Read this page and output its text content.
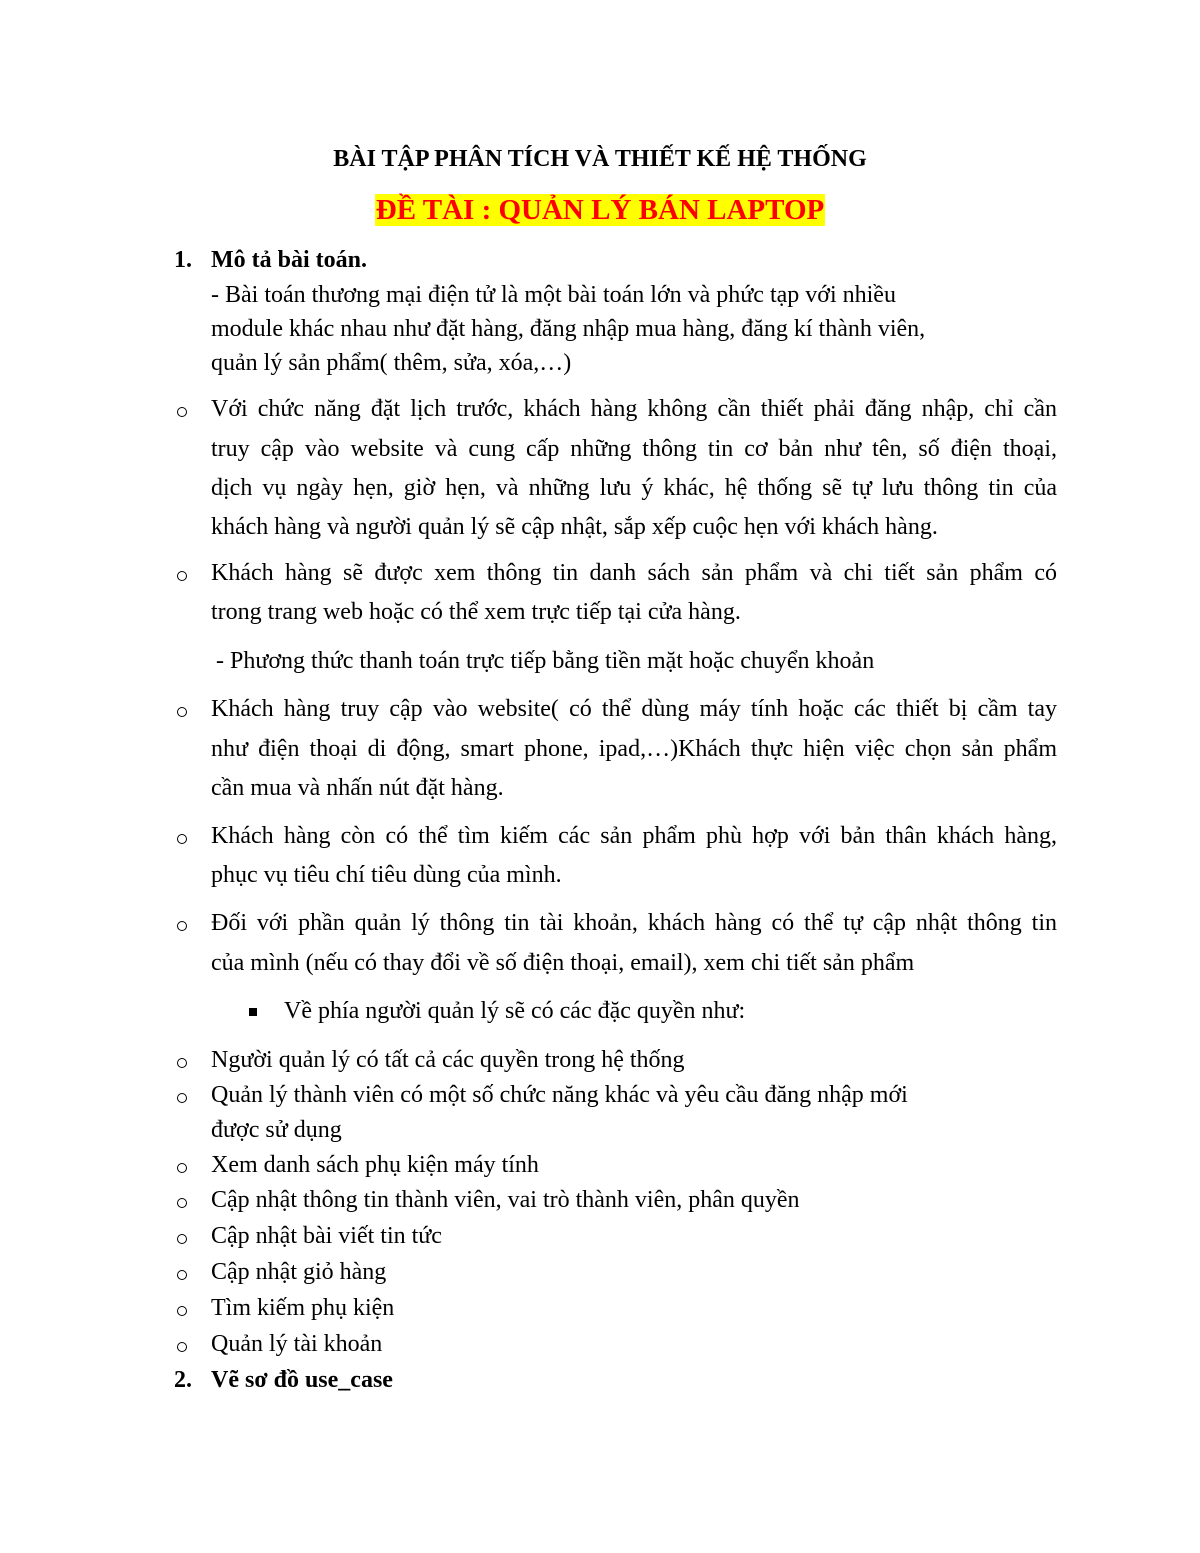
BÀI TẬP PHÂN TÍCH VÀ THIẾT KẾ HỆ THỐNG
ĐỀ TÀI : QUẢN LÝ BÁN LAPTOP
1. Mô tả bài toán.
- Bài toán thương mại điện tử là một bài toán lớn và phức tạp với nhiều
module khác nhau như đặt hàng, đăng nhập mua hàng, đăng kí thành viên,
quản lý sản phẩm( thêm, sửa, xóa,…)
Với chức năng đặt lịch trước, khách hàng không cần thiết phải đăng nhập, chỉ cần
truy cập vào website và cung cấp những thông tin cơ bản như tên, số điện thoại,
dịch vụ ngày hẹn, giờ hẹn, và những lưu ý khác, hệ thống sẽ tự lưu thông tin của
khách hàng và người quản lý sẽ cập nhật, sắp xếp cuộc hẹn với khách hàng.
Khách hàng sẽ được xem thông tin danh sách sản phẩm và chi tiết sản phẩm có
trong trang web hoặc có thể xem trực tiếp tại cửa hàng.
- Phương thức thanh toán trực tiếp bằng tiền mặt hoặc chuyển khoản
Khách hàng truy cập vào website( có thể dùng máy tính hoặc các thiết bị cầm tay
như điện thoại di động, smart phone, ipad,…)Khách thực hiện việc chọn sản phẩm
cần mua và nhấn nút đặt hàng.
Khách hàng còn có thể tìm kiếm các sản phẩm phù hợp với bản thân khách hàng,
phục vụ tiêu chí tiêu dùng của mình.
Đối với phần quản lý thông tin tài khoản, khách hàng có thể tự cập nhật thông tin
của mình (nếu có thay đổi về số điện thoại, email), xem chi tiết sản phẩm
Về phía người quản lý sẽ có các đặc quyền như:
Người quản lý có tất cả các quyền trong hệ thống
Quản lý thành viên có một số chức năng khác và yêu cầu đăng nhập mới
được sử dụng
Xem danh sách phụ kiện máy tính
Cập nhật thông tin thành viên, vai trò thành viên, phân quyền
Cập nhật bài viết tin tức
Cập nhật giỏ hàng
Tìm kiếm phụ kiện
Quản lý tài khoản
2. Vẽ sơ đồ use_case
